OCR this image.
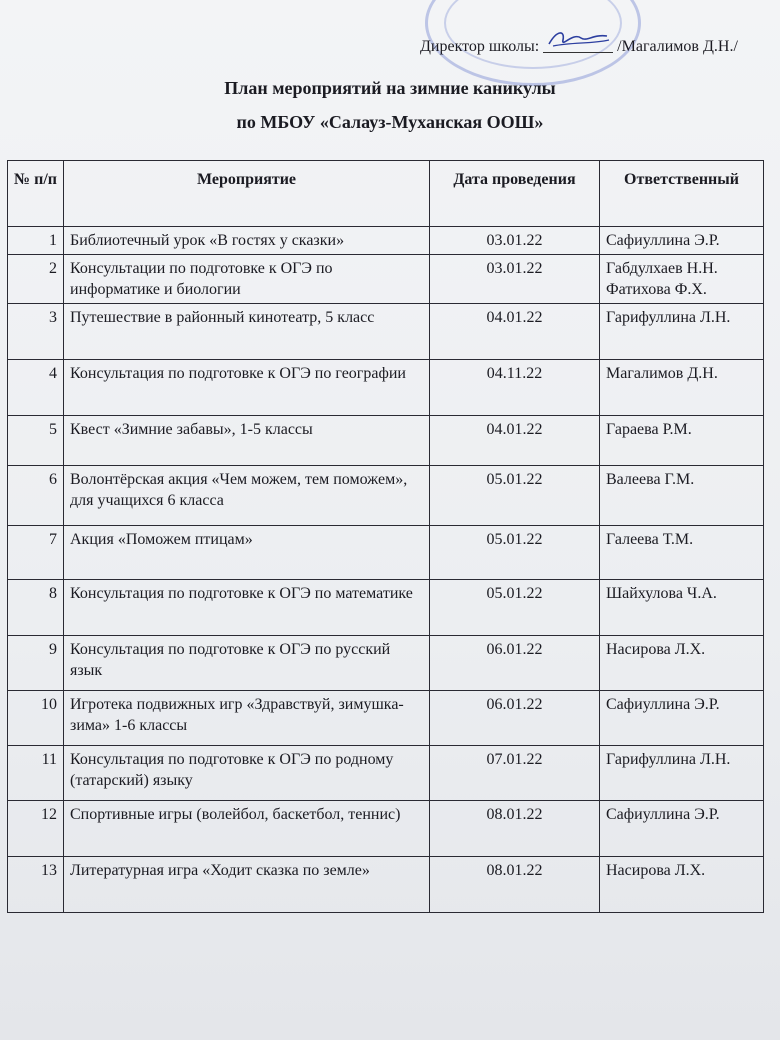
Директор школы:	/Магалимов Д.Н./
План мероприятий на зимние каникулы
по МБОУ «Салауз-Муханская ООШ»
№ п/п	Мероприятие	Дата проведения	Ответственный
1	Библиотечный урок «В гостях у сказки»	03.01.22	Сафиуллина Э.Р.
2	Консультации по подготовке к ОГЭ по информатике и биологии	03.01.22	Габдулхаев Н.Н. Фатихова Ф.Х.
3	Путешествие в районный кинотеатр, 5 класс	04.01.22	Гарифуллина Л.Н.
4	Консультация по подготовке к ОГЭ по географии	04.11.22	Магалимов Д.Н.
5	Квест «Зимние забавы», 1-5 классы	04.01.22	Гараева Р.М.
6	Волонтёрская акция «Чем можем, тем поможем», для учащихся 6 класса	05.01.22	Валеева Г.М.
7	Акция «Поможем птицам»	05.01.22	Галеева Т.М.
8	Консультация по подготовке к ОГЭ по математике	05.01.22	Шайхулова Ч.А.
9	Консультация по подготовке к ОГЭ по русский язык	06.01.22	Насирова Л.Х.
10	Игротека подвижных игр «Здравствуй, зимушка-зима» 1-6 классы	06.01.22	Сафиуллина Э.Р.
11	Консультация по подготовке к ОГЭ по родному (татарский) языку	07.01.22	Гарифуллина Л.Н.
12	Спортивные игры (волейбол, баскетбол, теннис)	08.01.22	Сафиуллина Э.Р.
13	Литературная игра «Ходит сказка по земле»	08.01.22	Насирова Л.Х.
